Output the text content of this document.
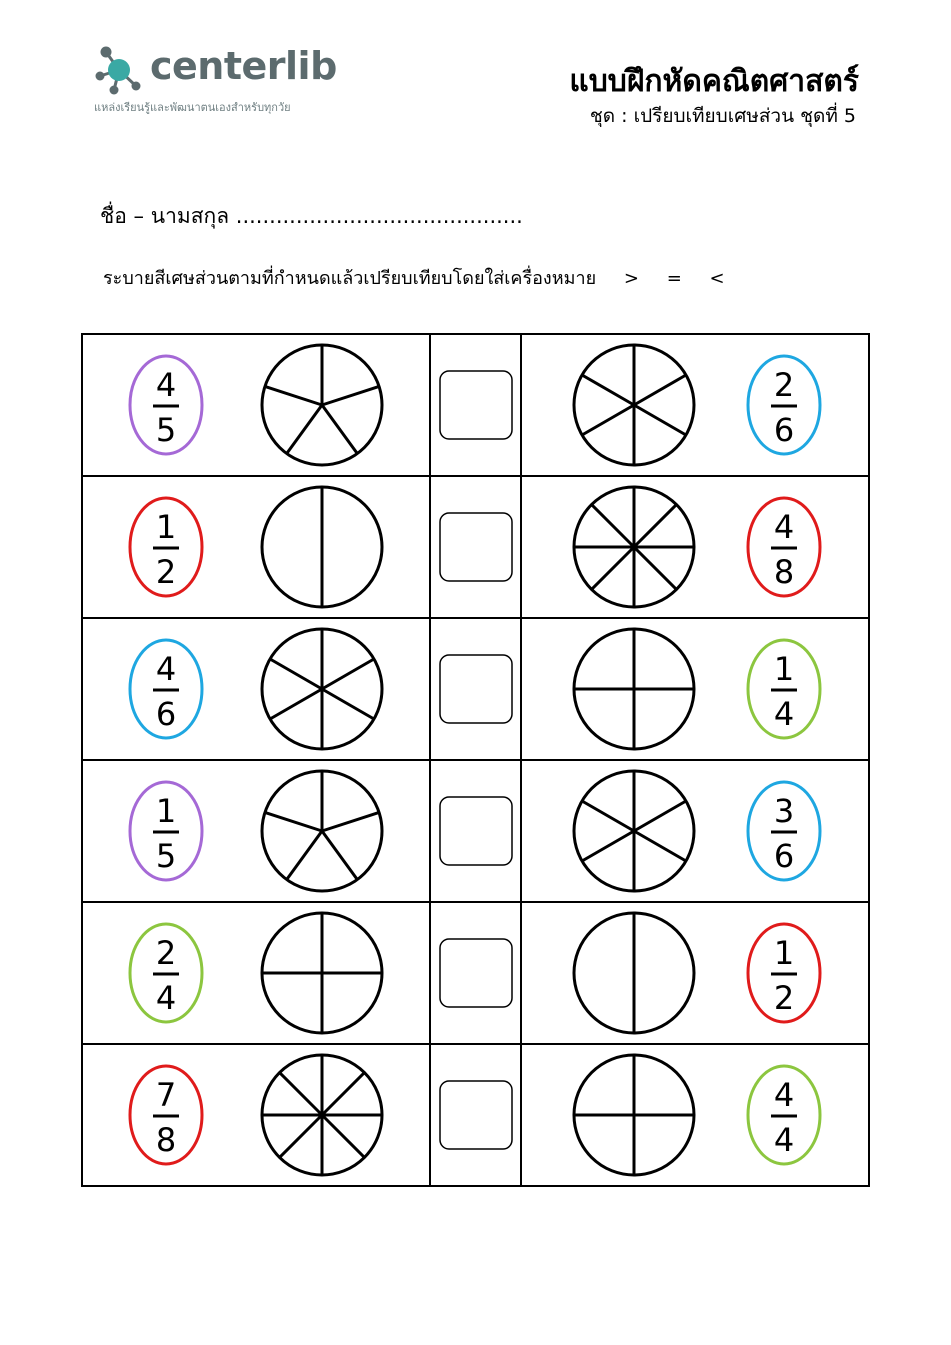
centerlib
แหล่งเรียนรู้และพัฒนาตนเองสำหรับทุกวัย
แบบฝึกหัดคณิตศาสตร์
ชุด : เปรียบเทียบเศษส่วน ชุดที่ 5
ชื่อ – นามสกุล ...........................................
ระบายสีเศษส่วนตามที่กำหนดแล้วเปรียบเทียบโดยใส่เครื่องหมาย > = <
4
5
2
6
1
2
4
8
4
6
1
4
1
5
3
6
2
4
1
2
7
8
4
4
